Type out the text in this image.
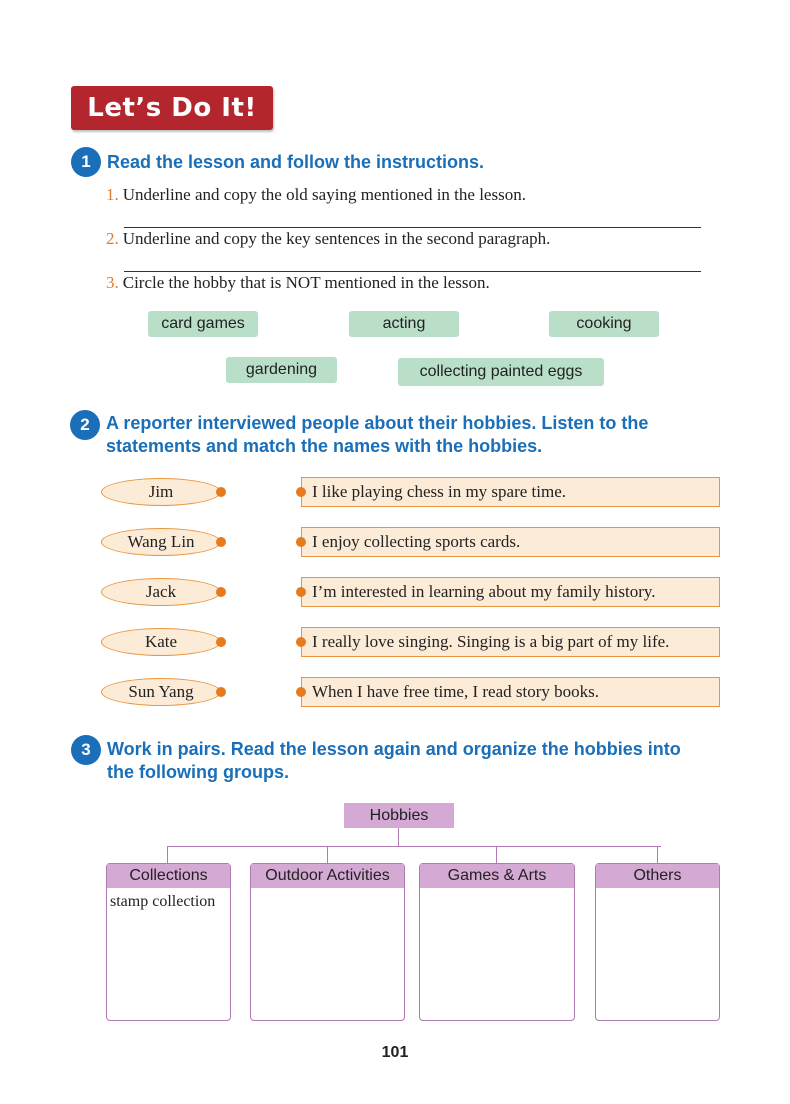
Let’s Do It!
1 Read the lesson and follow the instructions.
1. Underline and copy the old saying mentioned in the lesson.
2. Underline and copy the key sentences in the second paragraph.
3. Circle the hobby that is NOT mentioned in the lesson.
card games	acting	cooking
gardening	collecting painted eggs
2 A reporter interviewed people about their hobbies. Listen to the
statements and match the names with the hobbies.
Jim
Wang Lin
Jack
Kate
Sun Yang
I like playing chess in my spare time.
I enjoy collecting sports cards.
I’m interested in learning about my family history.
I really love singing. Singing is a big part of my life.
When I have free time, I read story books.
3 Work in pairs. Read the lesson again and organize the hobbies into
the following groups.
Hobbies
Collections
stamp collection
Outdoor Activities	Games & Arts	Others
101
